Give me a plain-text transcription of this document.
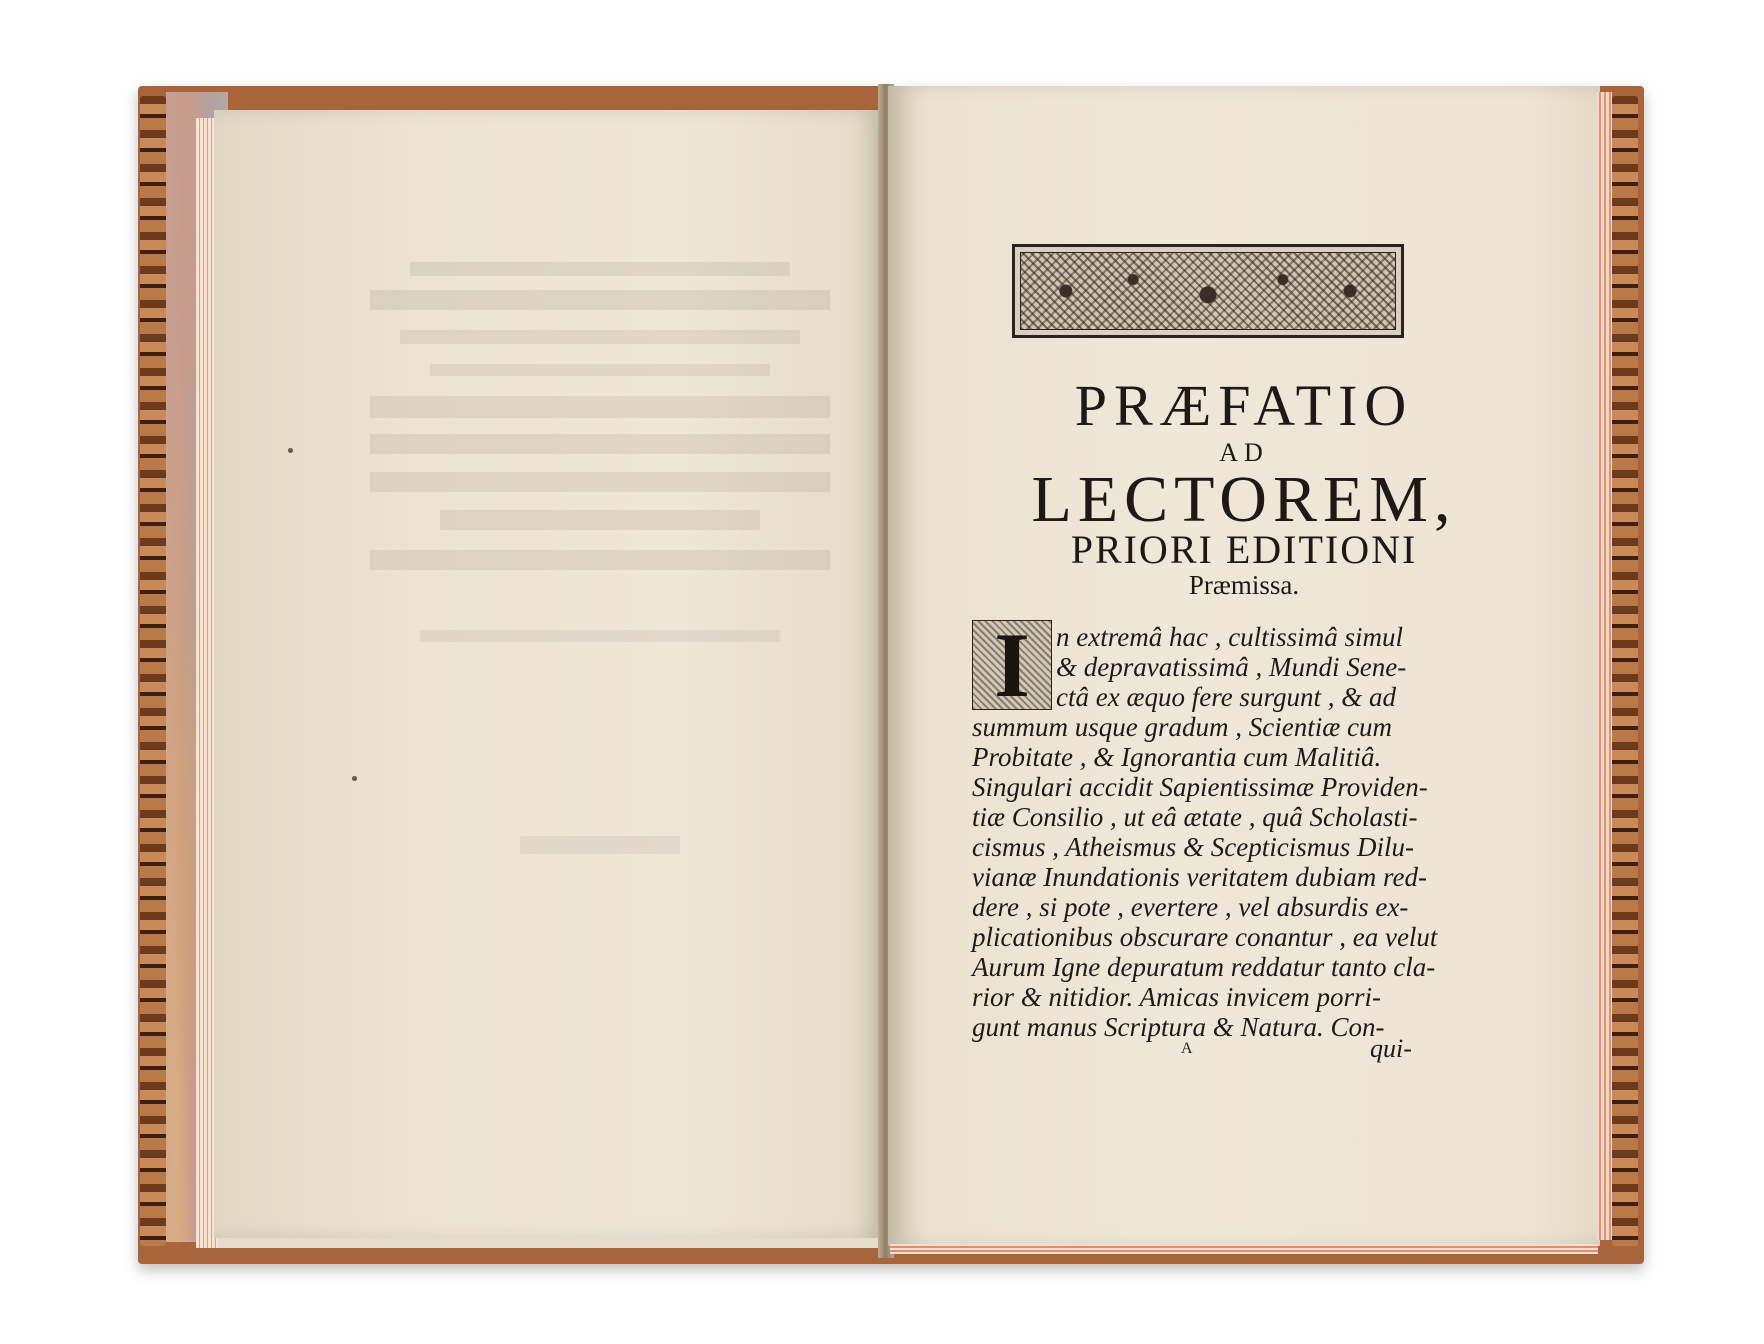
PRÆFATIO
AD
LECTOREM,
PRIORI EDITIONI
Præmissa.
I n extremâ hac , cultissimâ simul
& depravatissimâ , Mundi Sene-
ctâ ex æquo fere surgunt , & ad
summum usque gradum , Scientiæ cum
Probitate , & Ignorantia cum Malitiâ.
Singulari accidit Sapientissimæ Providen-
tiæ Consilio , ut eâ ætate , quâ Scholasti-
cismus , Atheismus & Scepticismus Dilu-
vianæ Inundationis veritatem dubiam red-
dere , si pote , evertere , vel absurdis ex-
plicationibus obscurare conantur , ea velut
Aurum Igne depuratum reddatur tanto cla-
rior & nitidior. Amicas invicem porri-
gunt manus Scriptura & Natura. Con-
A	qui-
